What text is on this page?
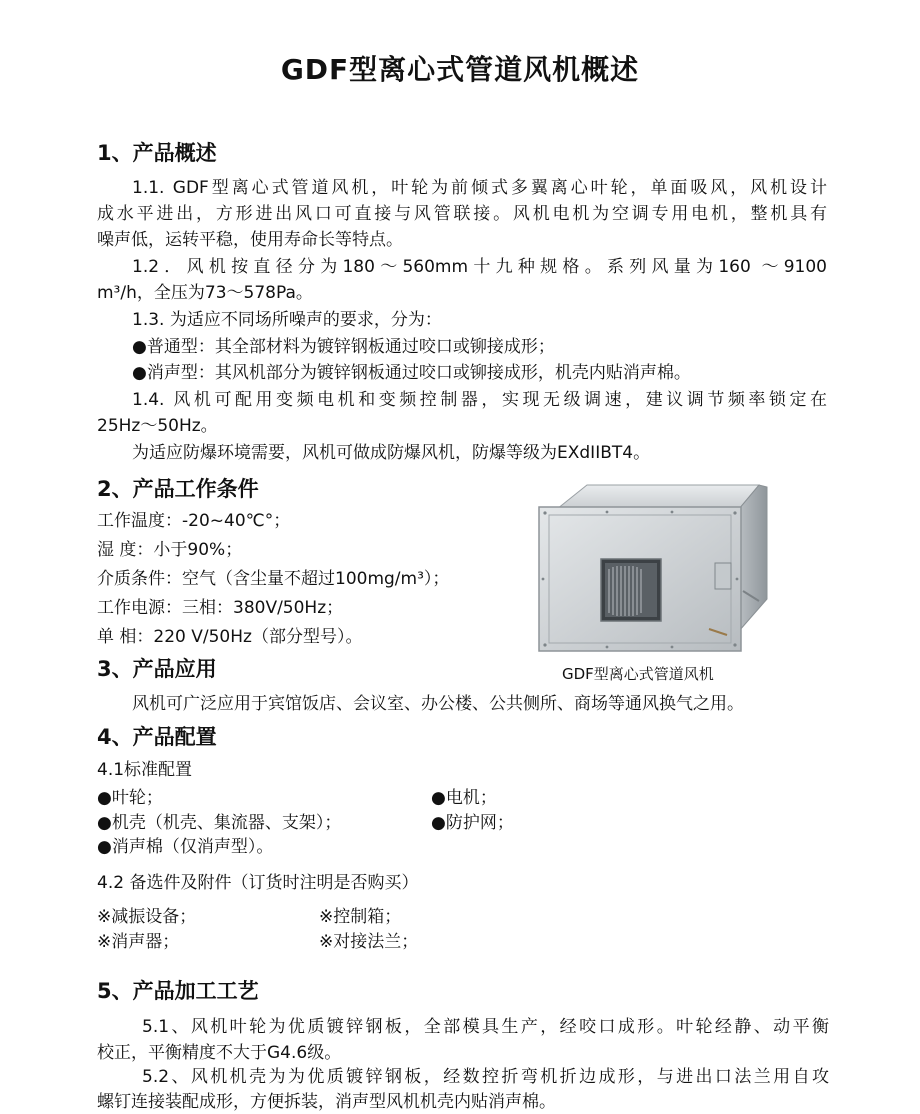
GDF型离心式管道风机概述
1、产品概述
1.1. GDF型离心式管道风机，叶轮为前倾式多翼离心叶轮，单面吸风，风机设计
成水平进出，方形进出风口可直接与风管联接。风机电机为空调专用电机，整机具有
噪声低，运转平稳，使用寿命长等特点。
1.2．风机按直径分为180～560mm十九种规格。系列风量为160 ～9100
m³/h，全压为73～578Pa。
1.3. 为适应不同场所噪声的要求，分为：
●普通型：其全部材料为镀锌钢板通过咬口或铆接成形；
●消声型：其风机部分为镀锌钢板通过咬口或铆接成形，机壳内贴消声棉。
1.4. 风机可配用变频电机和变频控制器，实现无级调速，建议调节频率锁定在
25Hz～50Hz。
为适应防爆环境需要，风机可做成防爆风机，防爆等级为EXdIIBT4。
2、产品工作条件
工作温度：-20~40℃°；
湿 度：小于90%；
介质条件：空气（含尘量不超过100mg/m³）；
工作电源：三相：380V/50Hz；
单 相：220 V/50Hz（部分型号）。
GDF型离心式管道风机
3、产品应用
风机可广泛应用于宾馆饭店、会议室、办公楼、公共侧所、商场等通风换气之用。
4、产品配置
4.1标准配置
●叶轮；	●电机；
●机壳（机壳、集流器、支架）；	●防护网；
●消声棉（仅消声型）。
4.2 备选件及附件（订货时注明是否购买）
※减振设备；	※控制箱；
※消声器；	※对接法兰；
5、产品加工工艺
5.1、风机叶轮为优质镀锌钢板，全部模具生产，经咬口成形。叶轮经静、动平衡
校正，平衡精度不大于G4.6级。
5.2、风机机壳为为优质镀锌钢板，经数控折弯机折边成形，与进出口法兰用自攻
螺钉连接装配成形，方便拆装，消声型风机机壳内贴消声棉。
